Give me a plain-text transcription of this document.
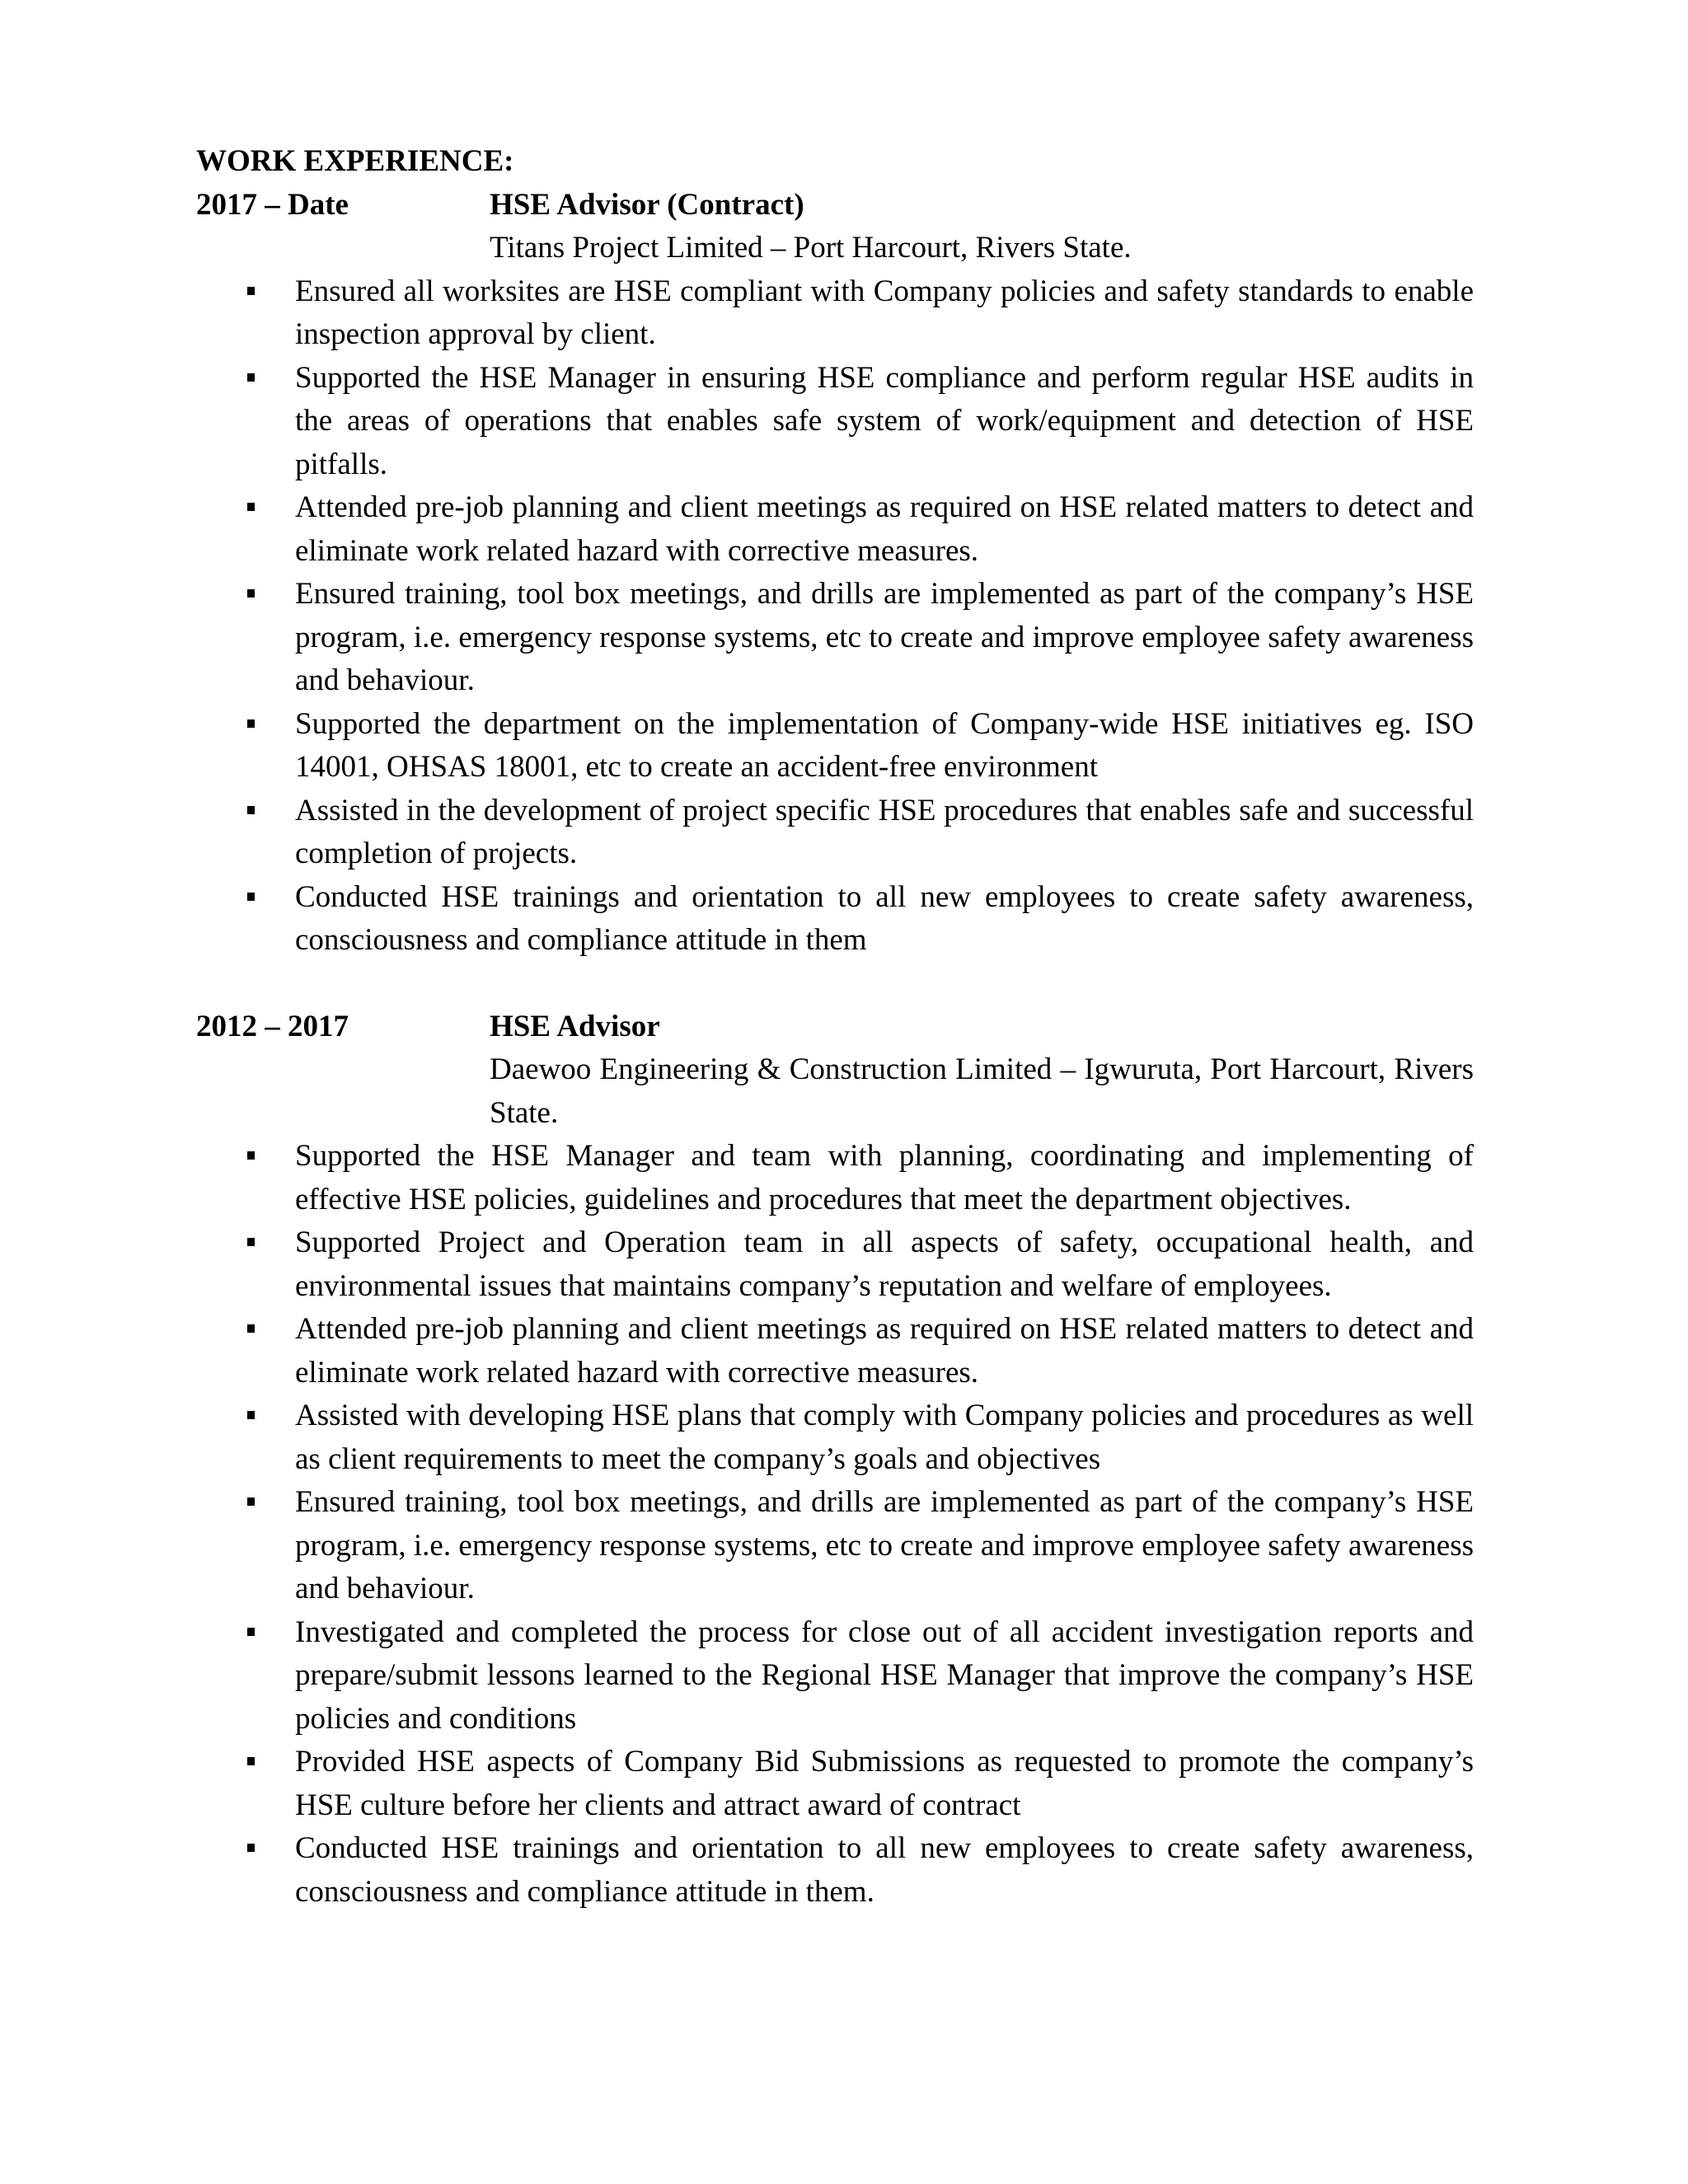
WORK EXPERIENCE:
2017 – Date	HSE Advisor (Contract)
Titans Project Limited – Port Harcourt, Rivers State.
Ensured all worksites are HSE compliant with Company policies and safety standards to enable inspection approval by client.
Supported the HSE Manager in ensuring HSE compliance and perform regular HSE audits in the areas of operations that enables safe system of work/equipment and detection of HSE pitfalls.
Attended pre-job planning and client meetings as required on HSE related matters to detect and eliminate work related hazard with corrective measures.
Ensured training, tool box meetings, and drills are implemented as part of the company’s HSE program, i.e. emergency response systems, etc to create and improve employee safety awareness and behaviour.
Supported the department on the implementation of Company-wide HSE initiatives eg. ISO 14001, OHSAS 18001, etc to create an accident-free environment
Assisted in the development of project specific HSE procedures that enables safe and successful completion of projects.
Conducted HSE trainings and orientation to all new employees to create safety awareness, consciousness and compliance attitude in them
2012 – 2017	HSE Advisor
Daewoo Engineering & Construction Limited – Igwuruta, Port Harcourt, Rivers State.
Supported the HSE Manager and team with planning, coordinating and implementing of effective HSE policies, guidelines and procedures that meet the department objectives.
Supported Project and Operation team in all aspects of safety, occupational health, and environmental issues that maintains company’s reputation and welfare of employees.
Attended pre-job planning and client meetings as required on HSE related matters to detect and eliminate work related hazard with corrective measures.
Assisted with developing HSE plans that comply with Company policies and procedures as well as client requirements to meet the company’s goals and objectives
Ensured training, tool box meetings, and drills are implemented as part of the company’s HSE program, i.e. emergency response systems, etc to create and improve employee safety awareness and behaviour.
Investigated and completed the process for close out of all accident investigation reports and prepare/submit lessons learned to the Regional HSE Manager that improve the company’s HSE policies and conditions
Provided HSE aspects of Company Bid Submissions as requested to promote the company’s HSE culture before her clients and attract award of contract
Conducted HSE trainings and orientation to all new employees to create safety awareness, consciousness and compliance attitude in them.
